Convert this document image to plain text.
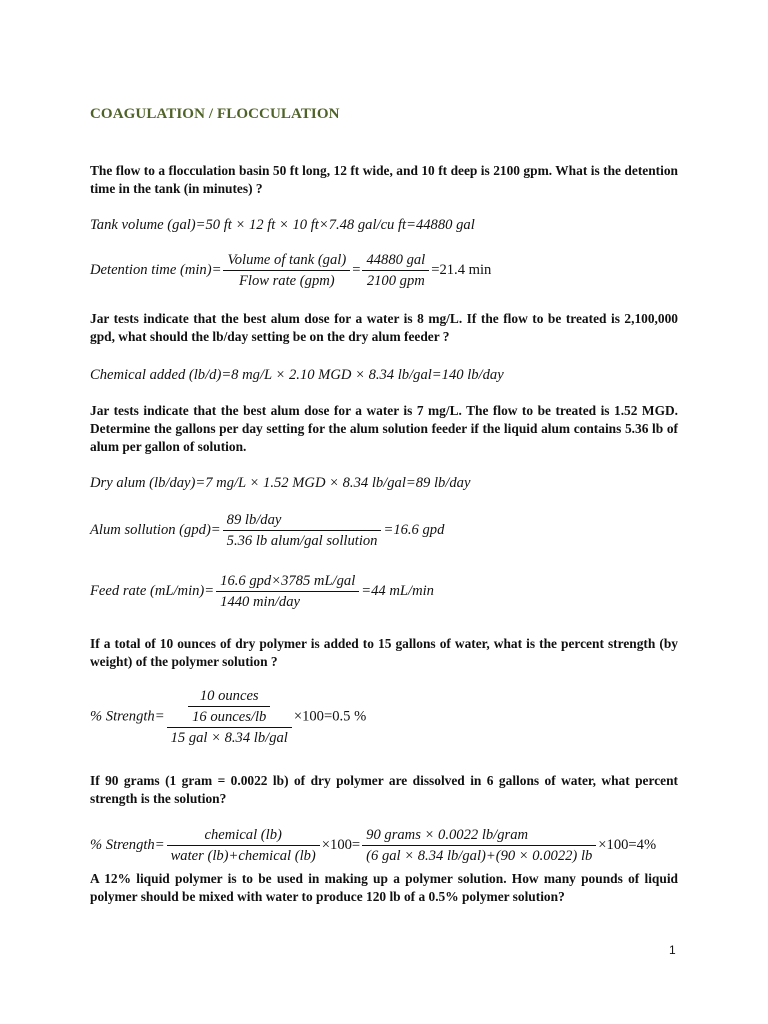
COAGULATION / FLOCCULATION
The flow to a flocculation basin 50 ft long, 12 ft wide, and 10 ft deep is 2100 gpm. What is the detention time in the tank (in minutes) ?
Tank volume (gal)=50 ft × 12 ft × 10 ft×7.48 gal/cu ft=44880 gal
Detention time $(\min)= \frac{\text{Volume of tank (gal)}}{\text{Flow rate (gpm)}} = \frac{\text{44880 gal}}{\text{2100 gpm}} =21.4$ min
Jar tests indicate that the best alum dose for a water is 8 mg/L. If the flow to be treated is 2,100,000 gpd, what should the lb/day setting be on the dry alum feeder ?
Chemical added (lb/d)=8 mg/L × 2.10 MGD × 8.34 lb/gal=140 lb/day
Jar tests indicate that the best alum dose for a water is 7 mg/L. The flow to be treated is 1.52 MGD. Determine the gallons per day setting for the alum solution feeder if the liquid alum contains 5.36 lb of alum per gallon of solution.
Dry alum (lb/day)=7 mg/L × 1.52 MGD × 8.34 lb/gal=89 lb/day
Alum sollution $(gpd)= \frac{\text{89 lb/day}}{\text{5.36 lb alum/gal sollution}} =16.6$ gpd
Feed rate $(mL/\min)= \frac{\text{16.6 gpd×3785 mL/gal}}{\text{1440 min/day}} =44$ mL/min
If a total of 10 ounces of dry polymer is added to 15 gallons of water, what is the percent strength (by weight) of the polymer solution ?
% Strength= $\frac{\frac{\text{10 ounces}}{\text{16 ounces/lb}}}{\text{15 gal × 8.34 lb/gal}} \times 100=0.5$ %
If 90 grams (1 gram = 0.0022 lb) of dry polymer are dissolved in 6 gallons of water, what percent strength is the solution?
% Strength= $\frac{\text{chemical (lb)}}{\text{water (lb)+chemical (lb)}} \times 100= \frac{\text{90 grams × 0.0022 lb/gram}}{\text{(6 gal × 8.34 lb/gal)+(90 × 0.0022) lb}} \times 100=4\%$
A 12% liquid polymer is to be used in making up a polymer solution. How many pounds of liquid polymer should be mixed with water to produce 120 lb of a 0.5% polymer solution?
1
